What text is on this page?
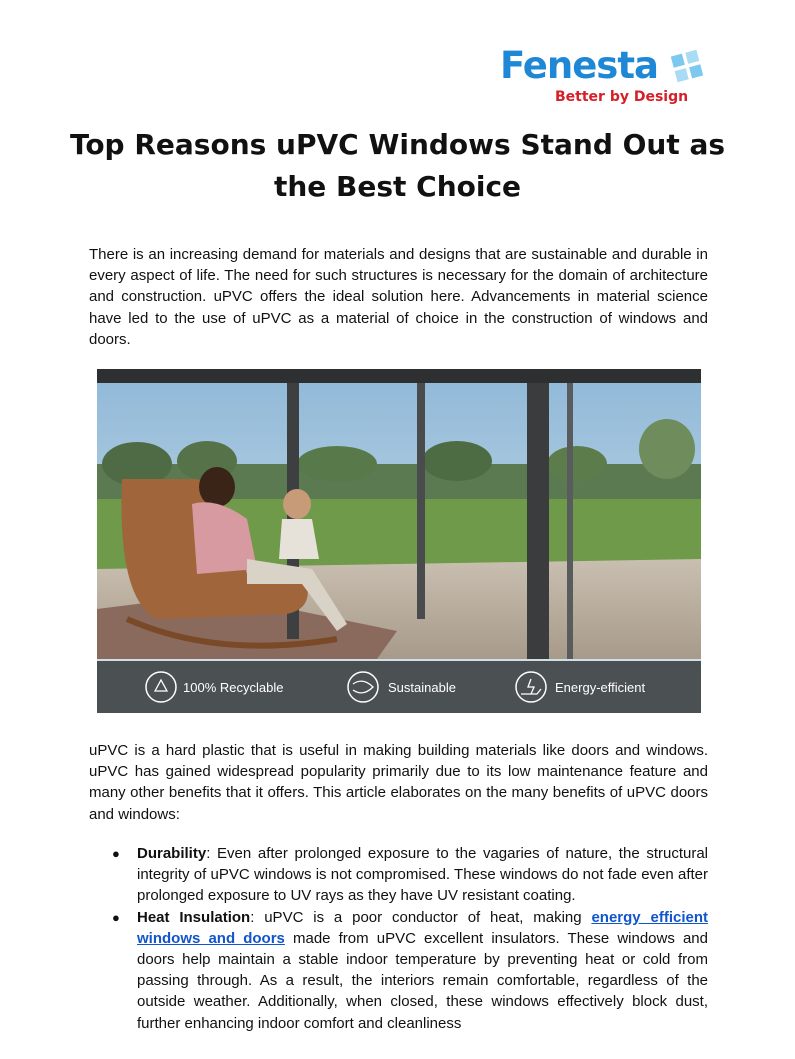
Fenesta
Better by Design
Top Reasons uPVC Windows Stand Out as the Best Choice

There is an increasing demand for materials and designs that are sustainable and durable in every aspect of life. The need for such structures is necessary for the domain of architecture and construction. uPVC offers the ideal solution here. Advancements in material science have led to the use of uPVC as a material of choice in the construction of windows and doors.

100% Recyclable	Sustainable	Energy-efficient

uPVC is a hard plastic that is useful in making building materials like doors and windows. uPVC has gained widespread popularity primarily due to its low maintenance feature and many other benefits that it offers. This article elaborates on the many benefits of uPVC doors and windows:

● Durability: Even after prolonged exposure to the vagaries of nature, the structural integrity of uPVC windows is not compromised. These windows do not fade even after prolonged exposure to UV rays as they have UV resistant coating.
● Heat Insulation: uPVC is a poor conductor of heat, making energy efficient windows and doors made from uPVC excellent insulators. These windows and doors help maintain a stable indoor temperature by preventing heat or cold from passing through. As a result, the interiors remain comfortable, regardless of the outside weather. Additionally, when closed, these windows effectively block dust, further enhancing indoor comfort and cleanliness
